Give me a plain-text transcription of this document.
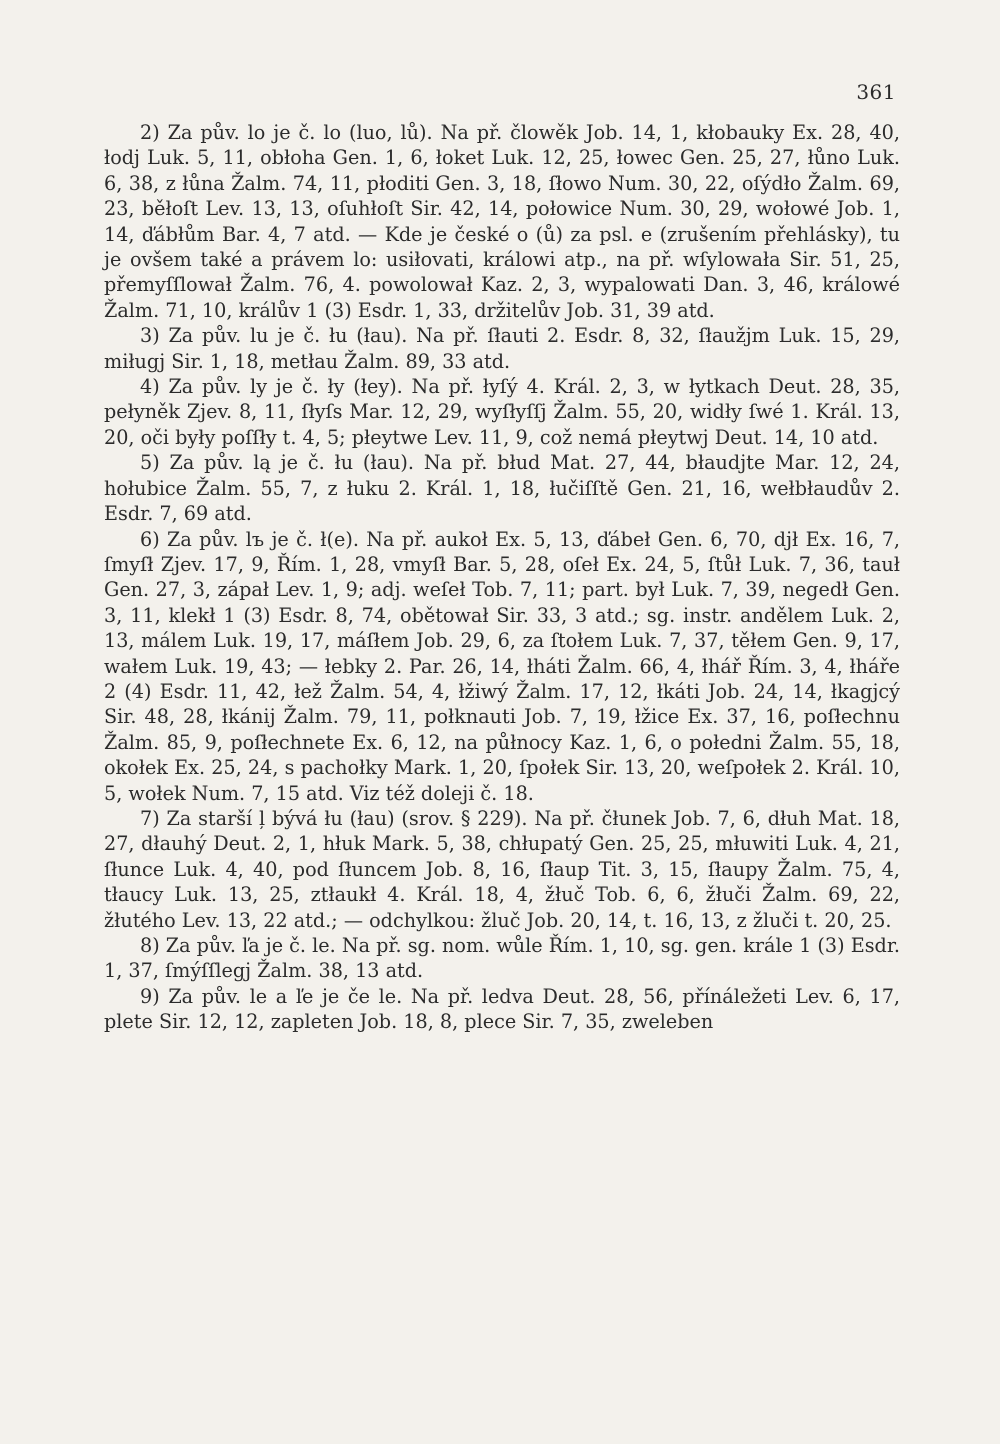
361

2) Za pův. lo je č. lo (luo, lů). Na př. člowěk Job. 14, 1, kłobauky Ex. 28, 40, łodj Luk. 5, 11, obłoha Gen. 1, 6, łoket Luk. 12, 25, łowec Gen. 25, 27, łůno Luk. 6, 38, z łůna Žalm. 74, 11, płoditi Gen. 3, 18, ſłowo Num. 30, 22, oſýdło Žalm. 69, 23, běłoſt Lev. 13, 13, oſuhłoſt Sir. 42, 14, połowice Num. 30, 29, wołowé Job. 1, 14, ďábłům Bar. 4, 7 atd. — Kde je české o (ů) za psl. e (zrušením přehlásky), tu je ovšem také a právem lo: usiłovati, králowi atp., na př. wſylowała Sir. 51, 25, přemyſſlował Žalm. 76, 4. powolował Kaz. 2, 3, wypalowati Dan. 3, 46, králowé Žalm. 71, 10, králův 1 (3) Esdr. 1, 33, držitelův Job. 31, 39 atd.

3) Za pův. lu je č. łu (łau). Na př. ſłauti 2. Esdr. 8, 32, ſłaužjm Luk. 15, 29, miługj Sir. 1, 18, metłau Žalm. 89, 33 atd.

4) Za pův. ly je č. ły (łey). Na př. łyſý 4. Král. 2, 3, w łytkach Deut. 28, 35, pełyněk Zjev. 8, 11, ſłyſs Mar. 12, 29, wyſłyſſj Žalm. 55, 20, widły ſwé 1. Král. 13, 20, oči były poſſły t. 4, 5; płeytwe Lev. 11, 9, což nemá płeytwj Deut. 14, 10 atd.

5) Za pův. lą je č. łu (łau). Na př. błud Mat. 27, 44, błaudjte Mar. 12, 24, hołubice Žalm. 55, 7, z łuku 2. Král. 1, 18, łučiſſtě Gen. 21, 16, wełbłaudův 2. Esdr. 7, 69 atd.

6) Za pův. lъ je č. ł(e). Na př. aukoł Ex. 5, 13, ďábeł Gen. 6, 70, djł Ex. 16, 7, ſmyſł Zjev. 17, 9, Řím. 1, 28, vmyſł Bar. 5, 28, oſeł Ex. 24, 5, ſtůł Luk. 7, 36, tauł Gen. 27, 3, zápał Lev. 1, 9; adj. weſeł Tob. 7, 11; part. był Luk. 7, 39, negedł Gen. 3, 11, klekł 1 (3) Esdr. 8, 74, obětował Sir. 33, 3 atd.; sg. instr. andělem Luk. 2, 13, málem Luk. 19, 17, máſłem Job. 29, 6, za ſtołem Luk. 7, 37, těłem Gen. 9, 17, wałem Luk. 19, 43; — łebky 2. Par. 26, 14, łháti Žalm. 66, 4, łhář Řím. 3, 4, łháře 2 (4) Esdr. 11, 42, łež Žalm. 54, 4, łžiwý Žalm. 17, 12, łkáti Job. 24, 14, łkagjcý Sir. 48, 28, łkánij Žalm. 79, 11, połknauti Job. 7, 19, łžice Ex. 37, 16, poſłechnu Žalm. 85, 9, poſłechnete Ex. 6, 12, na půłnocy Kaz. 1, 6, o połedni Žalm. 55, 18, okołek Ex. 25, 24, s pachołky Mark. 1, 20, ſpołek Sir. 13, 20, weſpołek 2. Král. 10, 5, wołek Num. 7, 15 atd. Viz též doleji č. 18.

7) Za starší ļ bývá łu (łau) (srov. § 229). Na př. čłunek Job. 7, 6, dłuh Mat. 18, 27, dłauhý Deut. 2, 1, hłuk Mark. 5, 38, chłupatý Gen. 25, 25, młuwiti Luk. 4, 21, ſłunce Luk. 4, 40, pod ſłuncem Job. 8, 16, ſłaup Tit. 3, 15, ſłaupy Žalm. 75, 4, tłaucy Luk. 13, 25, ztłaukł 4. Král. 18, 4, žłuč Tob. 6, 6, žłuči Žalm. 69, 22, žłutého Lev. 13, 22 atd.; — odchylkou: žluč Job. 20, 14, t. 16, 13, z žluči t. 20, 25.

8) Za pův. ľa je č. le. Na př. sg. nom. wůle Řím. 1, 10, sg. gen. krále 1 (3) Esdr. 1, 37, ſmýſſlegj Žalm. 38, 13 atd.

9) Za pův. le a ľe je če le. Na př. ledva Deut. 28, 56, přínáležeti Lev. 6, 17, plete Sir. 12, 12, zapleten Job. 18, 8, plece Sir. 7, 35, zweleben
